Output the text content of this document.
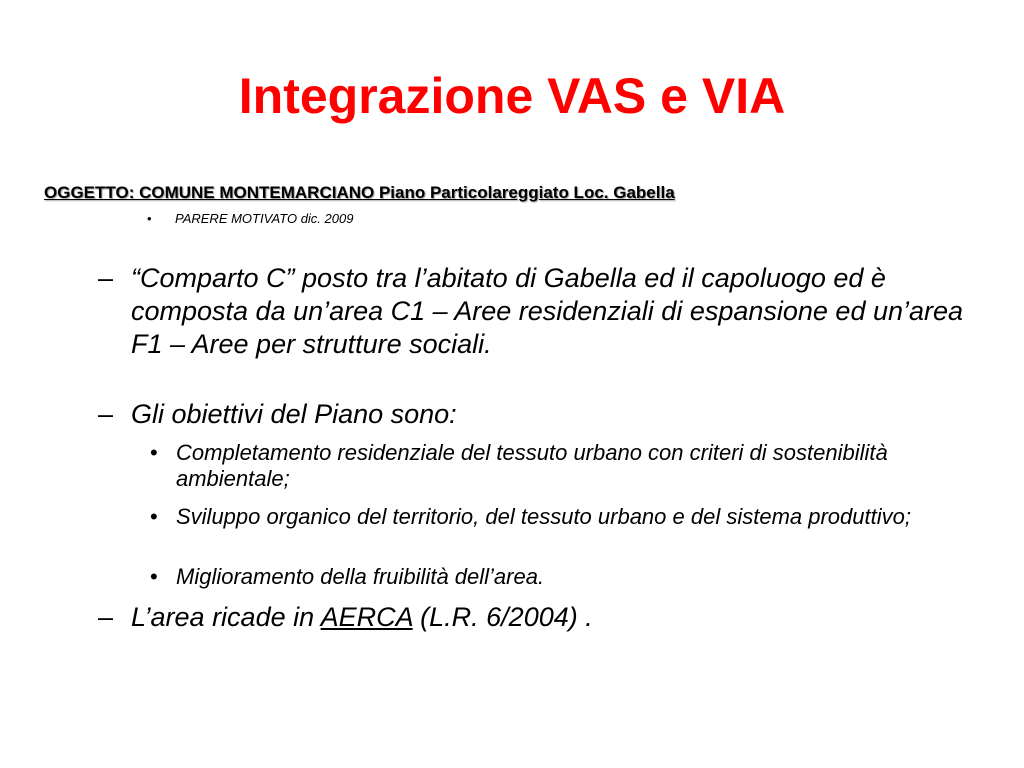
Integrazione VAS e VIA
OGGETTO: COMUNE MONTEMARCIANO Piano Particolareggiato Loc. Gabella
• PARERE MOTIVATO dic. 2009
– “Comparto C” posto tra l’abitato di Gabella ed il capoluogo ed è composta da un’area C1 – Aree residenziali di espansione ed un’area F1 – Aree per strutture sociali.
– Gli obiettivi del Piano sono:
• Completamento residenziale del tessuto urbano con criteri di sostenibilità ambientale;
• Sviluppo organico del territorio, del tessuto urbano e del sistema produttivo;
• Miglioramento della fruibilità dell’area.
– L’area ricade in AERCA (L.R. 6/2004) .
